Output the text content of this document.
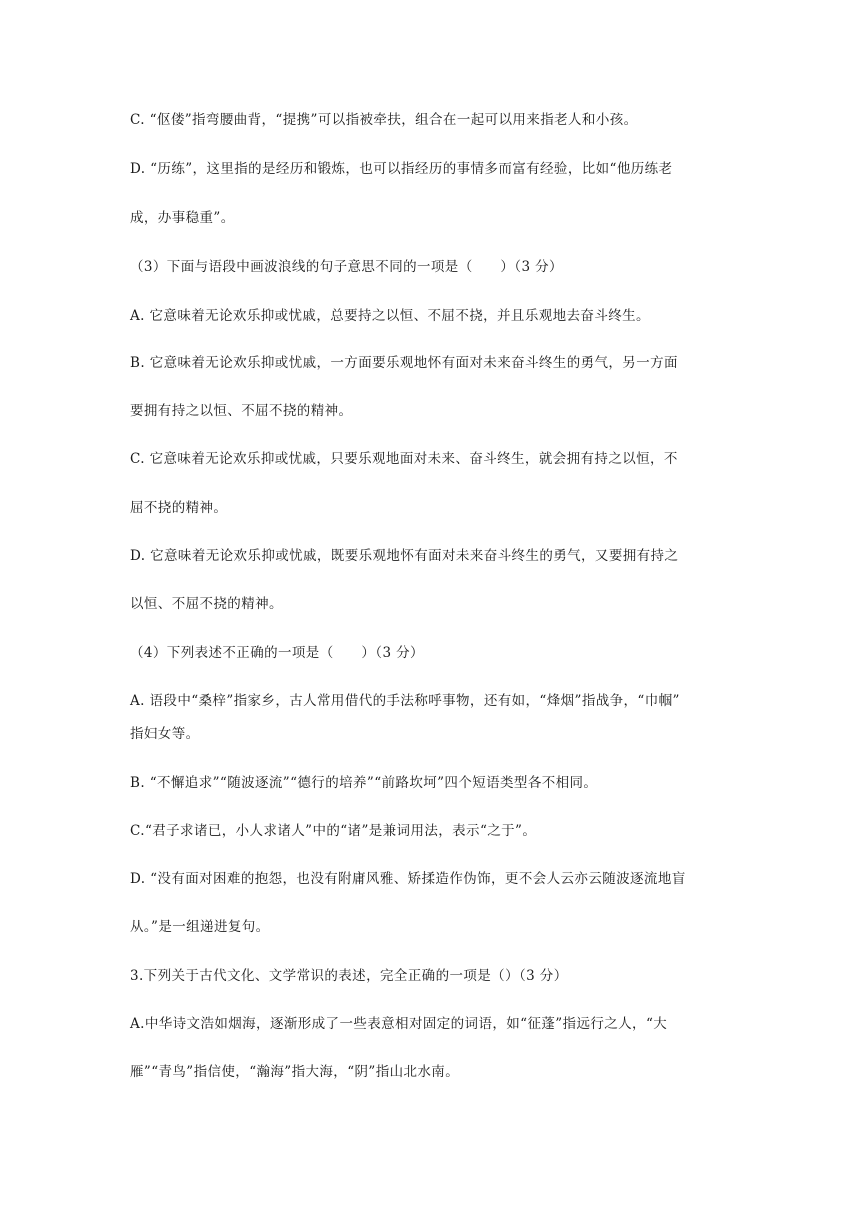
C. “伛偻”指弯腰曲背，“提携”可以指被牵扶，组合在一起可以用来指老人和小孩。
D. “历练”，这里指的是经历和锻炼，也可以指经历的事情多而富有经验，比如“他历练老
成，办事稳重”。
（3）下面与语段中画波浪线的句子意思不同的一项是（　　）（3 分）
A. 它意味着无论欢乐抑或忧戚，总要持之以恒、不屈不挠，并且乐观地去奋斗终生。
B. 它意味着无论欢乐抑或忧戚，一方面要乐观地怀有面对未来奋斗终生的勇气，另一方面
要拥有持之以恒、不屈不挠的精神。
C. 它意味着无论欢乐抑或忧戚，只要乐观地面对未来、奋斗终生，就会拥有持之以恒，不
屈不挠的精神。
D. 它意味着无论欢乐抑或忧戚，既要乐观地怀有面对未来奋斗终生的勇气，又要拥有持之
以恒、不屈不挠的精神。
（4）下列表述不正确的一项是（　　）（3 分）
A. 语段中“桑梓”指家乡，古人常用借代的手法称呼事物，还有如，“烽烟”指战争，“巾帼”
指妇女等。
B. “不懈追求”“随波逐流”“德行的培养”“前路坎坷”四个短语类型各不相同。
C.“君子求诸已，小人求诸人”中的“诸”是兼词用法，表示“之于”。
D. “没有面对困难的抱怨，也没有附庸风雅、矫揉造作伪饰，更不会人云亦云随波逐流地盲
从。”是一组递进复句。
3.下列关于古代文化、文学常识的表述，完全正确的一项是（）（3 分）
A.中华诗文浩如烟海，逐渐形成了一些表意相对固定的词语，如“征蓬”指远行之人，“大
雁”“青鸟”指信使，“瀚海”指大海，“阴”指山北水南。
